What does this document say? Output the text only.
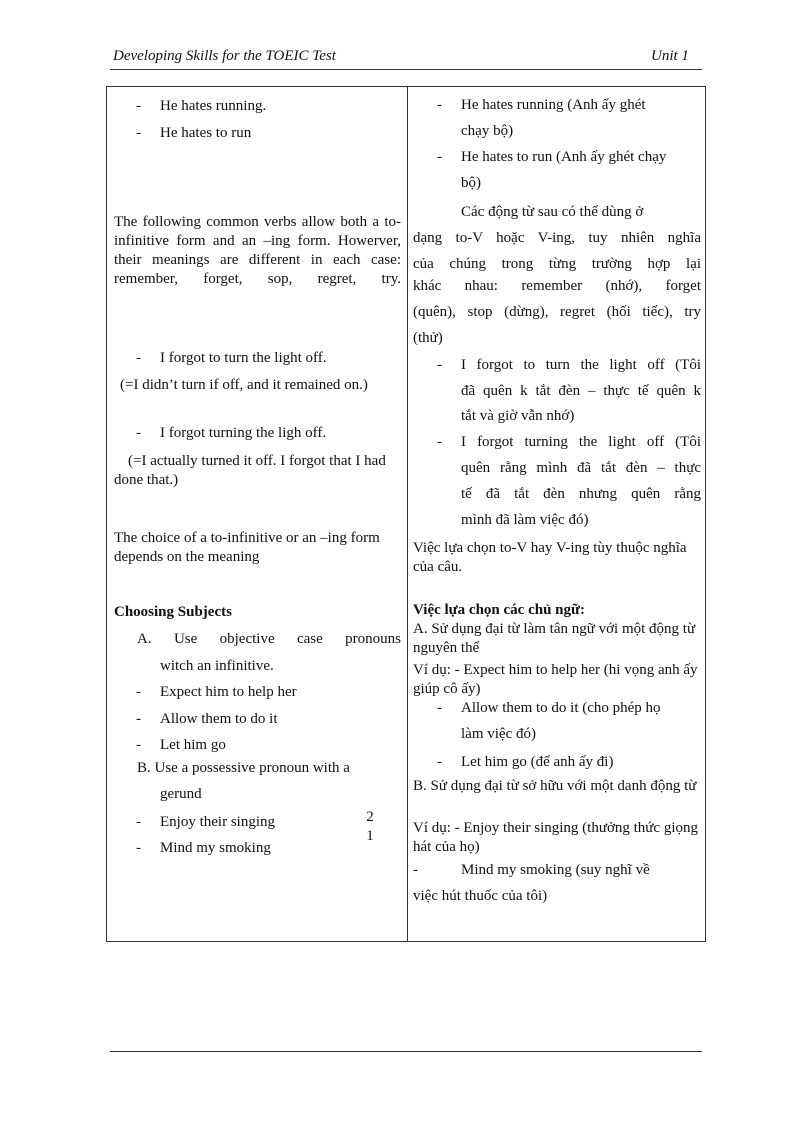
Developing Skills for the TOEIC Test	Unit 1
- He hates running.
- He hates to run
The following common verbs allow both a to-infinitive form and an –ing form. Howerver, their meanings are different in each case: remember, forget, sop, regret, try.
- I forgot to turn the light off.
(=I didn’t turn if off, and it remained on.)
- I forgot turning the ligh off.
(=I actually turned it off. I forgot that I had done that.)
The choice of a to-infinitive or an –ing form depends on the meaning
Choosing Subjects
A. Use objective case pronouns
witch an infinitive.
- Expect him to help her
- Allow them to do it
- Let him go
B. Use a possessive pronoun with a
gerund
- Enjoy their singing
- Mind my smoking
2
1
- He hates running (Anh ấy ghét
chạy bộ)
- He hates to run (Anh ấy ghét chạy
bộ)
Các động từ sau có thể dùng ở
dạng to-V hoặc V-ing, tuy nhiên nghĩa
của chúng trong từng trường hợp lại
khác nhau: remember (nhớ), forget
(quên), stop (dừng), regret (hối tiếc), try
(thử)
- I forgot to turn the light off (Tôi
đã quên k tắt đèn – thực tế quên k
tắt và giờ vẫn nhớ)
- I forgot turning the light off (Tôi
quên rằng mình đã tắt đèn – thực
tế đã tắt đèn nhưng quên rằng
mình đã làm việc đó)
Việc lựa chọn to-V hay V-ing tùy thuộc nghĩa của câu.
Việc lựa chọn các chủ ngữ:
A. Sử dụng đại từ làm tân ngữ với một động từ nguyên thể
Ví dụ: - Expect him to help her (hi vọng anh ấy giúp cô ấy)
- Allow them to do it (cho phép họ
làm việc đó)
- Let him go (để anh ấy đi)
B. Sử dụng đại từ sở hữu với một danh động từ
Ví dụ: - Enjoy their singing (thưởng thức giọng hát của họ)
-	Mind my smoking (suy nghĩ về
việc hút thuốc của tôi)
